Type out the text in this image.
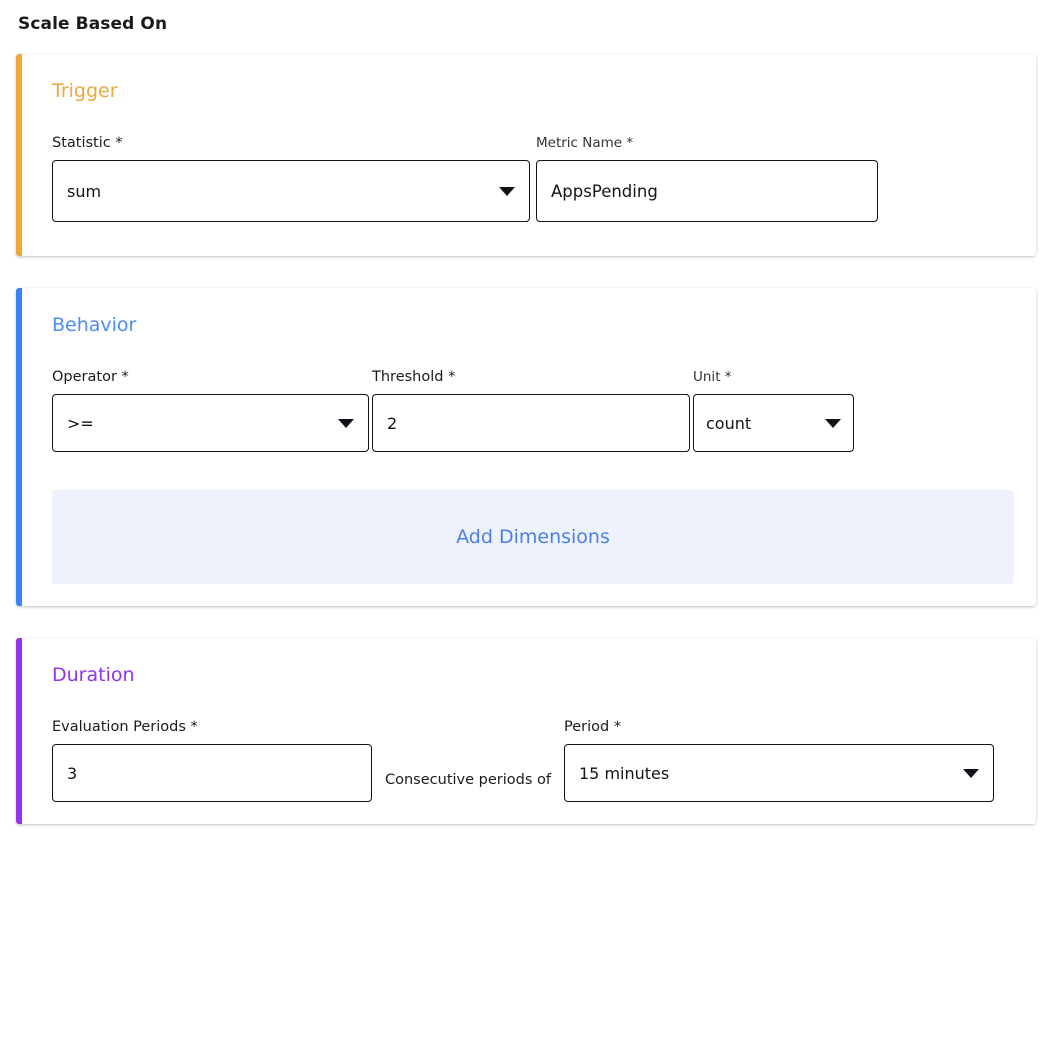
Scale Based On
Trigger
Statistic *
sum
Metric Name *
AppsPending
Behavior
Operator *
>=
Threshold *
2
Unit *
count
Add Dimensions
Duration
Evaluation Periods *
3	Consecutive periods of
Period *
15 minutes
